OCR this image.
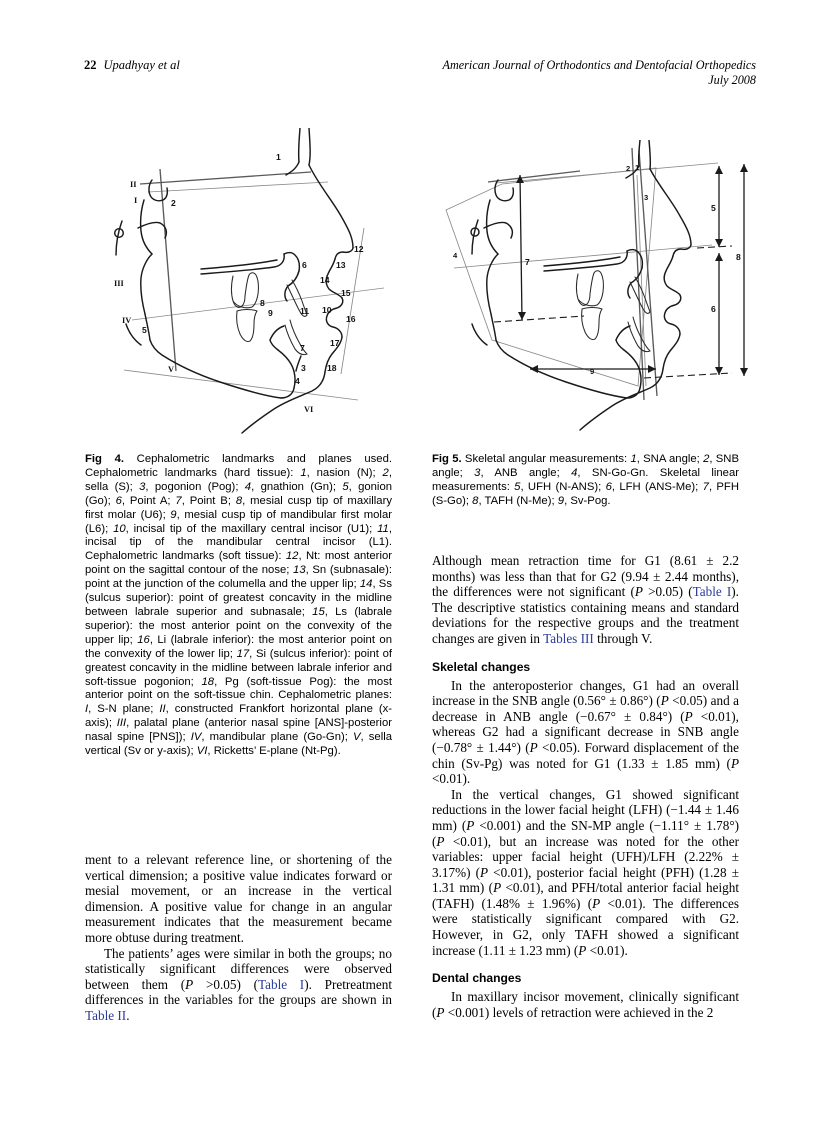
22 Upadhyay et al	American Journal of Orthodontics and Dentofacial Orthopedics
July 2008
1
2
3
4
5
6
7
8
9	10
11
12
13
14
15
16
17
18
II
I
III
IV
V
VI
2 1
3
4
5
6
7	8
9
Fig 4. Cephalometric landmarks and planes used. Cephalometric landmarks (hard tissue): 1, nasion (N); 2, sella (S); 3, pogonion (Pog); 4, gnathion (Gn); 5, gonion (Go); 6, Point A; 7, Point B; 8, mesial cusp tip of maxillary first molar (U6); 9, mesial cusp tip of mandibular first molar (L6); 10, incisal tip of the maxillary central incisor (U1); 11, incisal tip of the mandibular central incisor (L1). Cephalometric landmarks (soft tissue): 12, Nt: most anterior point on the sagittal contour of the nose; 13, Sn (subnasale): point at the junction of the columella and the upper lip; 14, Ss (sulcus superior): point of greatest concavity in the midline between labrale superior and subnasale; 15, Ls (labrale superior): the most anterior point on the convexity of the upper lip; 16, Li (labrale inferior): the most anterior point on the convexity of the lower lip; 17, Si (sulcus inferior): point of greatest concavity in the midline between labrale inferior and soft-tissue pogonion; 18, Pg (soft-tissue Pog): the most anterior point on the soft-tissue chin. Cephalometric planes: I, S-N plane; II, constructed Frankfort horizontal plane (x-axis); III, palatal plane (anterior nasal spine [ANS]-posterior nasal spine [PNS]); IV, mandibular plane (Go-Gn); V, sella vertical (Sv or y-axis); VI, Ricketts’ E-plane (Nt-Pg).
Fig 5. Skeletal angular measurements: 1, SNA angle; 2, SNB angle; 3, ANB angle; 4, SN-Go-Gn. Skeletal linear measurements: 5, UFH (N-ANS); 6, LFH (ANS-Me); 7, PFH (S-Go); 8, TAFH (N-Me); 9, Sv-Pog.

ment to a relevant reference line, or shortening of the vertical dimension; a positive value indicates forward or mesial movement, or an increase in the vertical dimension. A positive value for change in an angular measurement indicates that the measurement became more obtuse during treatment.

The patients’ ages were similar in both the groups; no statistically significant differences were observed between them (P >0.05) (Table I). Pretreatment differences in the variables for the groups are shown in Table II.

Although mean retraction time for G1 (8.61 ± 2.2 months) was less than that for G2 (9.94 ± 2.44 months), the differences were not significant (P >0.05) (Table I). The descriptive statistics containing means and standard deviations for the respective groups and the treatment changes are given in Tables III through V.

Skeletal changes

In the anteroposterior changes, G1 had an overall increase in the SNB angle (0.56° ± 0.86°) (P <0.05) and a decrease in ANB angle (−0.67° ± 0.84°) (P <0.01), whereas G2 had a significant decrease in SNB angle (−0.78° ± 1.44°) (P <0.05). Forward displacement of the chin (Sv-Pg) was noted for G1 (1.33 ± 1.85 mm) (P <0.01).

In the vertical changes, G1 showed significant reductions in the lower facial height (LFH) (−1.44 ± 1.46 mm) (P <0.001) and the SN-MP angle (−1.11° ± 1.78°) (P <0.01), but an increase was noted for the other variables: upper facial height (UFH)/LFH (2.22% ± 3.17%) (P <0.01), posterior facial height (PFH) (1.28 ± 1.31 mm) (P <0.01), and PFH/total anterior facial height (TAFH) (1.48% ± 1.96%) (P <0.01). The differences were statistically significant compared with G2. However, in G2, only TAFH showed a significant increase (1.11 ± 1.23 mm) (P <0.01).

Dental changes

In maxillary incisor movement, clinically significant (P <0.001) levels of retraction were achieved in the 2
